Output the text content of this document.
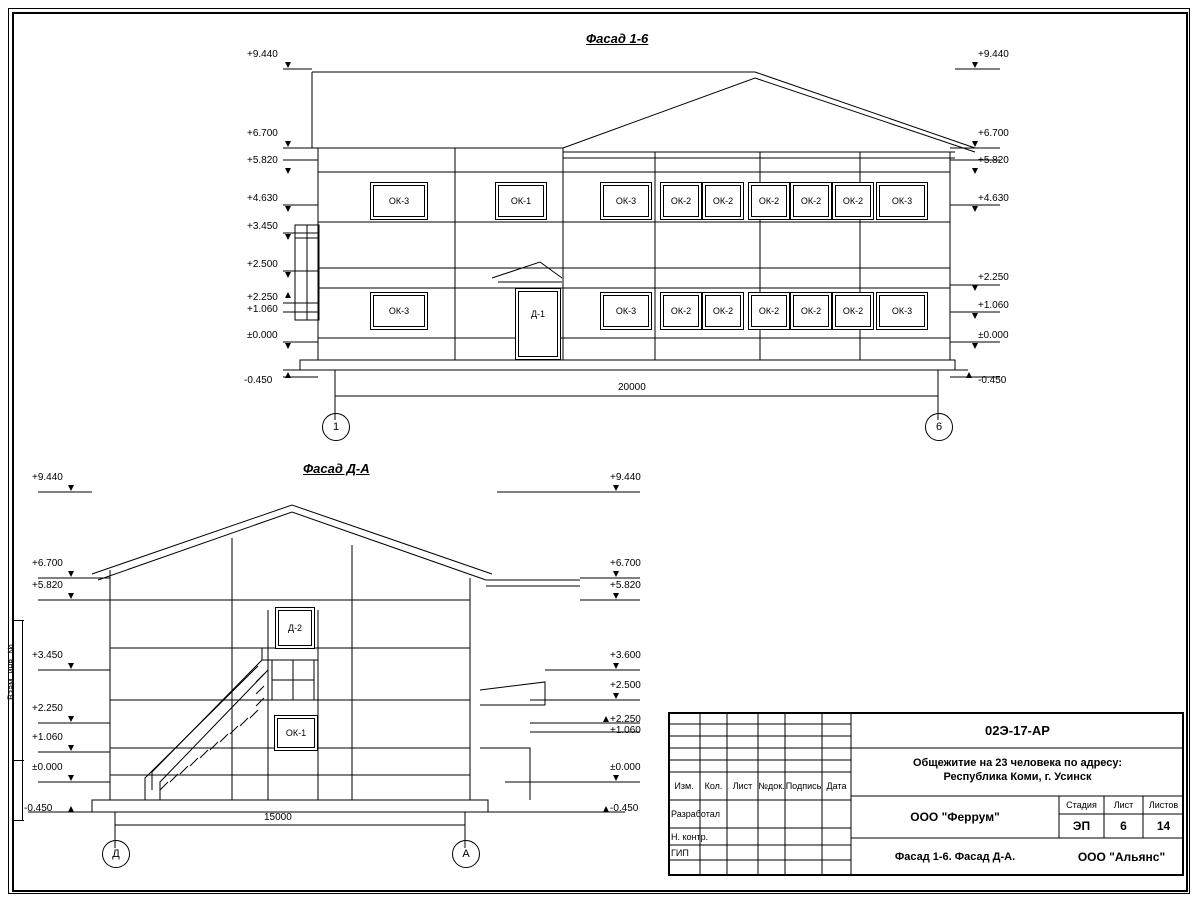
Взам. инв. №
Фасад 1-6
+9.440
+6.700
+5.820
+4.630
+3.450
+2.500
+2.250
+1.060
±0.000
-0.450
+9.440
+6.700
+5.820
+4.630
+2.250
+1.060
±0.000
-0.450
ОК-3	ОК-1	ОК-3	ОК-2	ОК-2	ОК-2	ОК-2	ОК-2	ОК-3
ОК-3	ОК-3	ОК-2	ОК-2	ОК-2	ОК-2	ОК-2	ОК-3
Д-1
20000
1	6
Фасад Д-А
+9.440
+6.700
+5.820
+3.450
+2.250
+1.060
±0.000
-0.450
+9.440
+6.700
+5.820
+3.600
+2.500
+2.250
+1.060
±0.000
-0.450
Д-2
ОК-1
15000
Д	А
Изм.	Кол.	Лист №док. Подпись Дата
Разработал
Н. контр.
ГИП
02Э-17-АР
Общежитие на 23 человека по адресу:
Республика Коми, г. Усинск
ООО "Феррум"
Фасад 1-6. Фасад Д-А.	ООО "Альянс"
Стадия	Лист	Листов
ЭП	6	14
